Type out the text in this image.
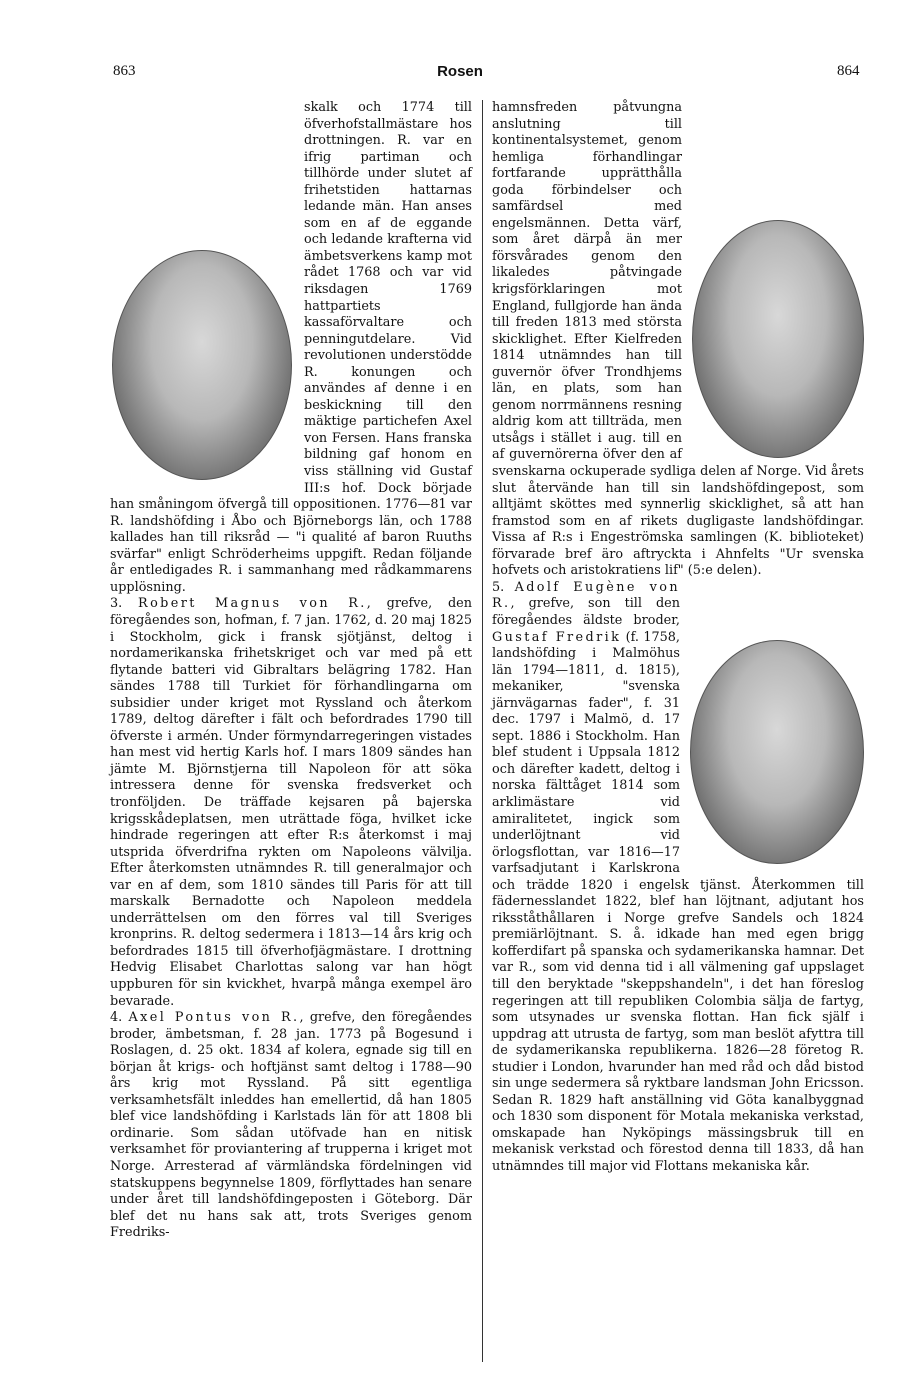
863	Rosen	864

skalk och 1774 till öfverhofstallmästare hos drottningen. R. var en ifrig partiman och tillhörde under slutet af frihetstiden hattarnas ledande män. Han anses som en af de eggande och ledande krafterna vid ämbetsverkens kamp mot rådet 1768 och var vid riksdagen 1769 hattpartiets kassaförvaltare och penningutdelare. Vid revolutionen understödde R. konungen och användes af denne i en beskickning till den mäktige partichefen Axel von Fersen. Hans franska bildning gaf honom en viss ställning vid Gustaf III:s hof. Dock började han småningom öfvergå till oppositionen. 1776—81 var R. landshöfding i Åbo och Björneborgs län, och 1788 kallades han till riksråd — "i qualité af baron Ruuths svärfar" enligt Schröderheims uppgift. Redan följande år entledigades R. i sammanhang med rådkammarens upplösning.

3. Robert Magnus von R., grefve, den föregåendes son, hofman, f. 7 jan. 1762, d. 20 maj 1825 i Stockholm, gick i fransk sjötjänst, deltog i nordamerikanska frihetskriget och var med på ett flytande batteri vid Gibraltars belägring 1782. Han sändes 1788 till Turkiet för förhandlingarna om subsidier under kriget mot Ryssland och återkom 1789, deltog därefter i fält och befordrades 1790 till öfverste i armén. Under förmyndarregeringen vistades han mest vid hertig Karls hof. I mars 1809 sändes han jämte M. Björnstjerna till Napoleon för att söka intressera denne för svenska fredsverket och tronföljden. De träffade kejsaren på bajerska krigsskådeplatsen, men uträttade föga, hvilket icke hindrade regeringen att efter R:s återkomst i maj utsprida öfverdrifna rykten om Napoleons välvilja. Efter återkomsten utnämndes R. till generalmajor och var en af dem, som 1810 sändes till Paris för att till marskalk Bernadotte och Napoleon meddela underrättelsen om den förres val till Sveriges kronprins. R. deltog sedermera i 1813—14 års krig och befordrades 1815 till öfverhofjägmästare. I drottning Hedvig Elisabet Charlottas salong var han högt uppburen för sin kvickhet, hvarpå många exempel äro bevarade.

4. Axel Pontus von R., grefve, den föregåendes broder, ämbetsman, f. 28 jan. 1773 på Bogesund i Roslagen, d. 25 okt. 1834 af kolera, egnade sig till en början åt krigs- och hoftjänst samt deltog i 1788—90 års krig mot Ryssland. På sitt egentliga verksamhetsfält inleddes han emellertid, då han 1805 blef vice landshöfding i Karlstads län för att 1808 bli ordinarie. Som sådan utöfvade han en nitisk verksamhet för proviantering af trupperna i kriget mot Norge. Arresterad af värmländska fördelningen vid statskuppens begynnelse 1809, förflyttades han senare under året till landshöfdingeposten i Göteborg. Där blef det nu hans sak att, trots Sveriges genom Fredriks-

hamnsfreden påtvungna anslutning till kontinentalsystemet, genom hemliga förhandlingar fortfarande upprätthålla goda förbindelser och samfärdsel med engelsmännen. Detta värf, som året därpå än mer försvårades genom den likaledes påtvingade krigsförklaringen mot England, fullgjorde han ända till freden 1813 med största skicklighet. Efter Kielfreden 1814 utnämndes han till guvernör öfver Trondhjems län, en plats, som han genom norrmännens resning aldrig kom att tillträda, men utsågs i stället i aug. till en af guvernörerna öfver den af svenskarna ockuperade sydliga delen af Norge. Vid årets slut återvände han till sin landshöfdingepost, som alltjämt sköttes med synnerlig skicklighet, så att han framstod som en af rikets dugligaste landshöfdingar. Vissa af R:s i Engeströmska samlingen (K. biblioteket) förvarade bref äro aftryckta i Ahnfelts "Ur svenska hofvets och aristokratiens lif" (5:e delen).

5. Adolf Eugène von R., grefve, son till den föregåendes äldste broder, Gustaf Fredrik (f. 1758, landshöfding i Malmöhus län 1794—1811, d. 1815), mekaniker, "svenska järnvägarnas fader", f. 31 dec. 1797 i Malmö, d. 17 sept. 1886 i Stockholm. Han blef student i Uppsala 1812 och därefter kadett, deltog i norska fälttåget 1814 som arklimästare vid amiralitetet, ingick som underlöjtnant vid örlogsflottan, var 1816—17 varfsadjutant i Karlskrona och trädde 1820 i engelsk tjänst. Återkommen till fädernesslandet 1822, blef han löjtnant, adjutant hos riksståthållaren i Norge grefve Sandels och 1824 premiärlöjtnant. S. å. idkade han med egen brigg kofferdifart på spanska och sydamerikanska hamnar. Det var R., som vid denna tid i all välmening gaf uppslaget till den beryktade "skeppshandeln", i det han föreslog regeringen att till republiken Colombia sälja de fartyg, som utsynades ur svenska flottan. Han fick själf i uppdrag att utrusta de fartyg, som man beslöt afyttra till de sydamerikanska republikerna. 1826—28 företog R. studier i London, hvarunder han med råd och dåd bistod sin unge sedermera så ryktbare landsman John Ericsson. Sedan R. 1829 haft anställning vid Göta kanalbyggnad och 1830 som disponent för Motala mekaniska verkstad, omskapade han Nyköpings mässingsbruk till en mekanisk verkstad och förestod denna till 1833, då han utnämndes till major vid Flottans mekaniska kår.
